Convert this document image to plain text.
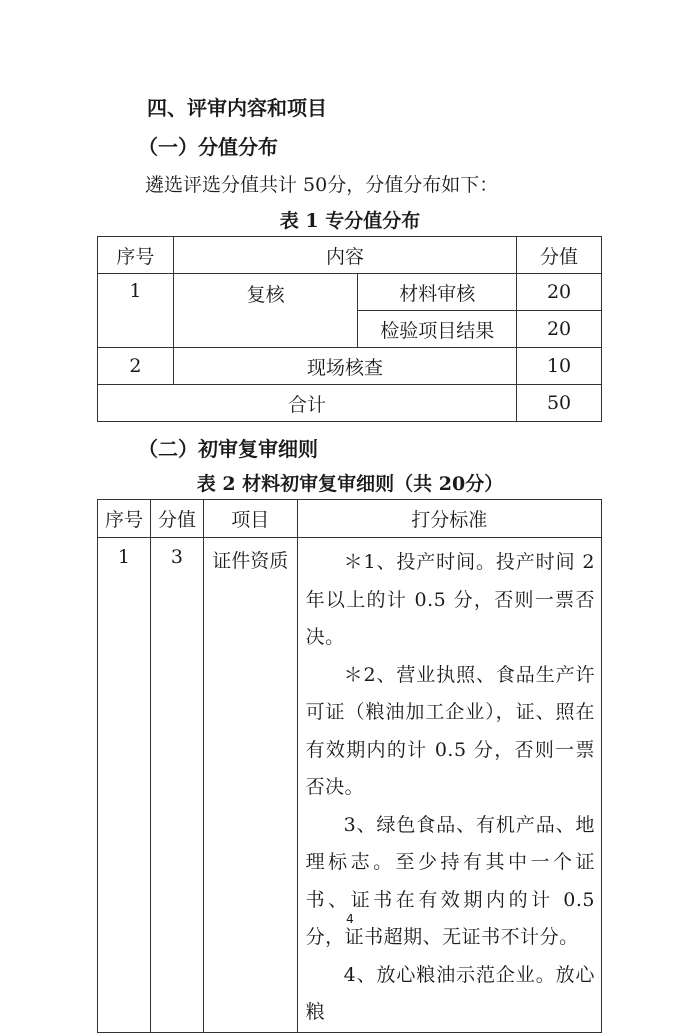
四、评审内容和项目
（一）分值分布
遴选评选分值共计 50分，分值分布如下：
表 1 专分值分布
序号	内容		分值
1	复核	材料审核	20
		检验项目结果	20
2	现场核查		10
合计			50
（二）初审复审细则
表 2 材料初审复审细则（共 20分）
序号	分值	项目	打分标准
1	3	证件资质	＊1、投产时间。投产时间 2 年以上的计 0.5 分，否则一票否决。

＊2、营业执照、食品生产许可证（粮油加工企业），证、照在有效期内的计 0.5 分，否则一票否决。

3、绿色食品、有机产品、地理标志。至少持有其中一个证书、证书在有效期内的计 0.5 分，证书超期、无证书不计分。

4、放心粮油示范企业。放心粮

4
